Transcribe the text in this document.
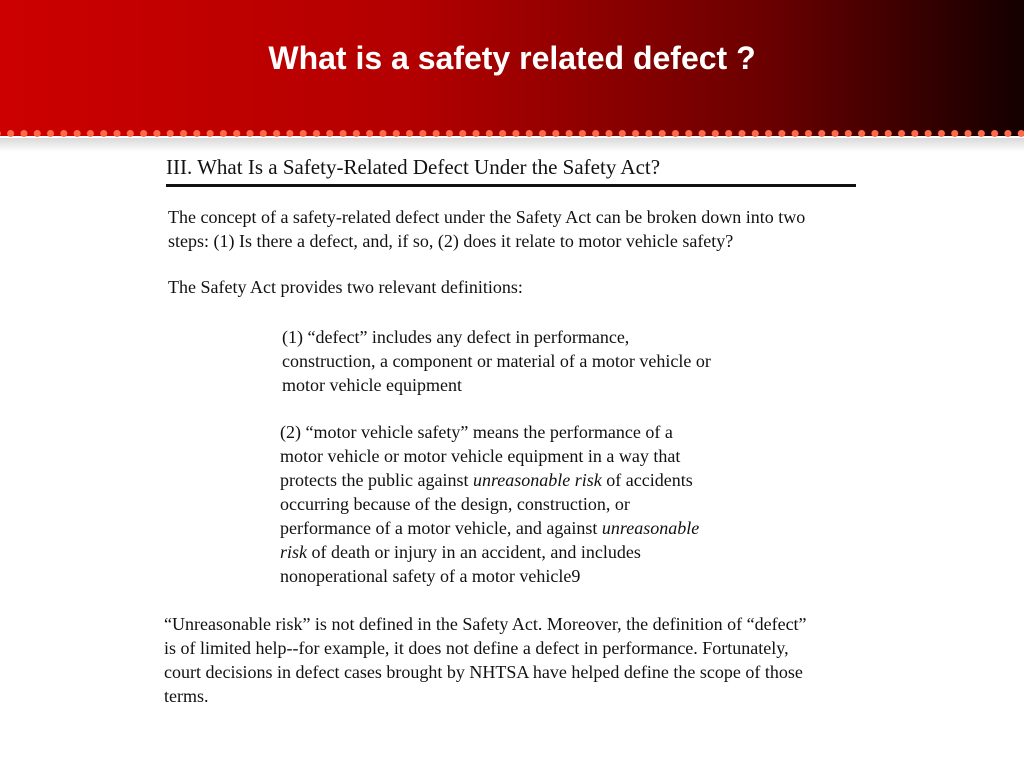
What is a safety related defect ?
III. What Is a Safety-Related Defect Under the Safety Act?

The concept of a safety-related defect under the Safety Act can be broken down into two
steps: (1) Is there a defect, and, if so, (2) does it relate to motor vehicle safety?

The Safety Act provides two relevant definitions:

(1) “defect” includes any defect in performance,
construction, a component or material of a motor vehicle or
motor vehicle equipment

(2) “motor vehicle safety” means the performance of a
motor vehicle or motor vehicle equipment in a way that
protects the public against unreasonable risk of accidents
occurring because of the design, construction, or
performance of a motor vehicle, and against unreasonable
risk of death or injury in an accident, and includes
nonoperational safety of a motor vehicle9

“Unreasonable risk” is not defined in the Safety Act. Moreover, the definition of “defect”
is of limited help--for example, it does not define a defect in performance. Fortunately,
court decisions in defect cases brought by NHTSA have helped define the scope of those
terms.
